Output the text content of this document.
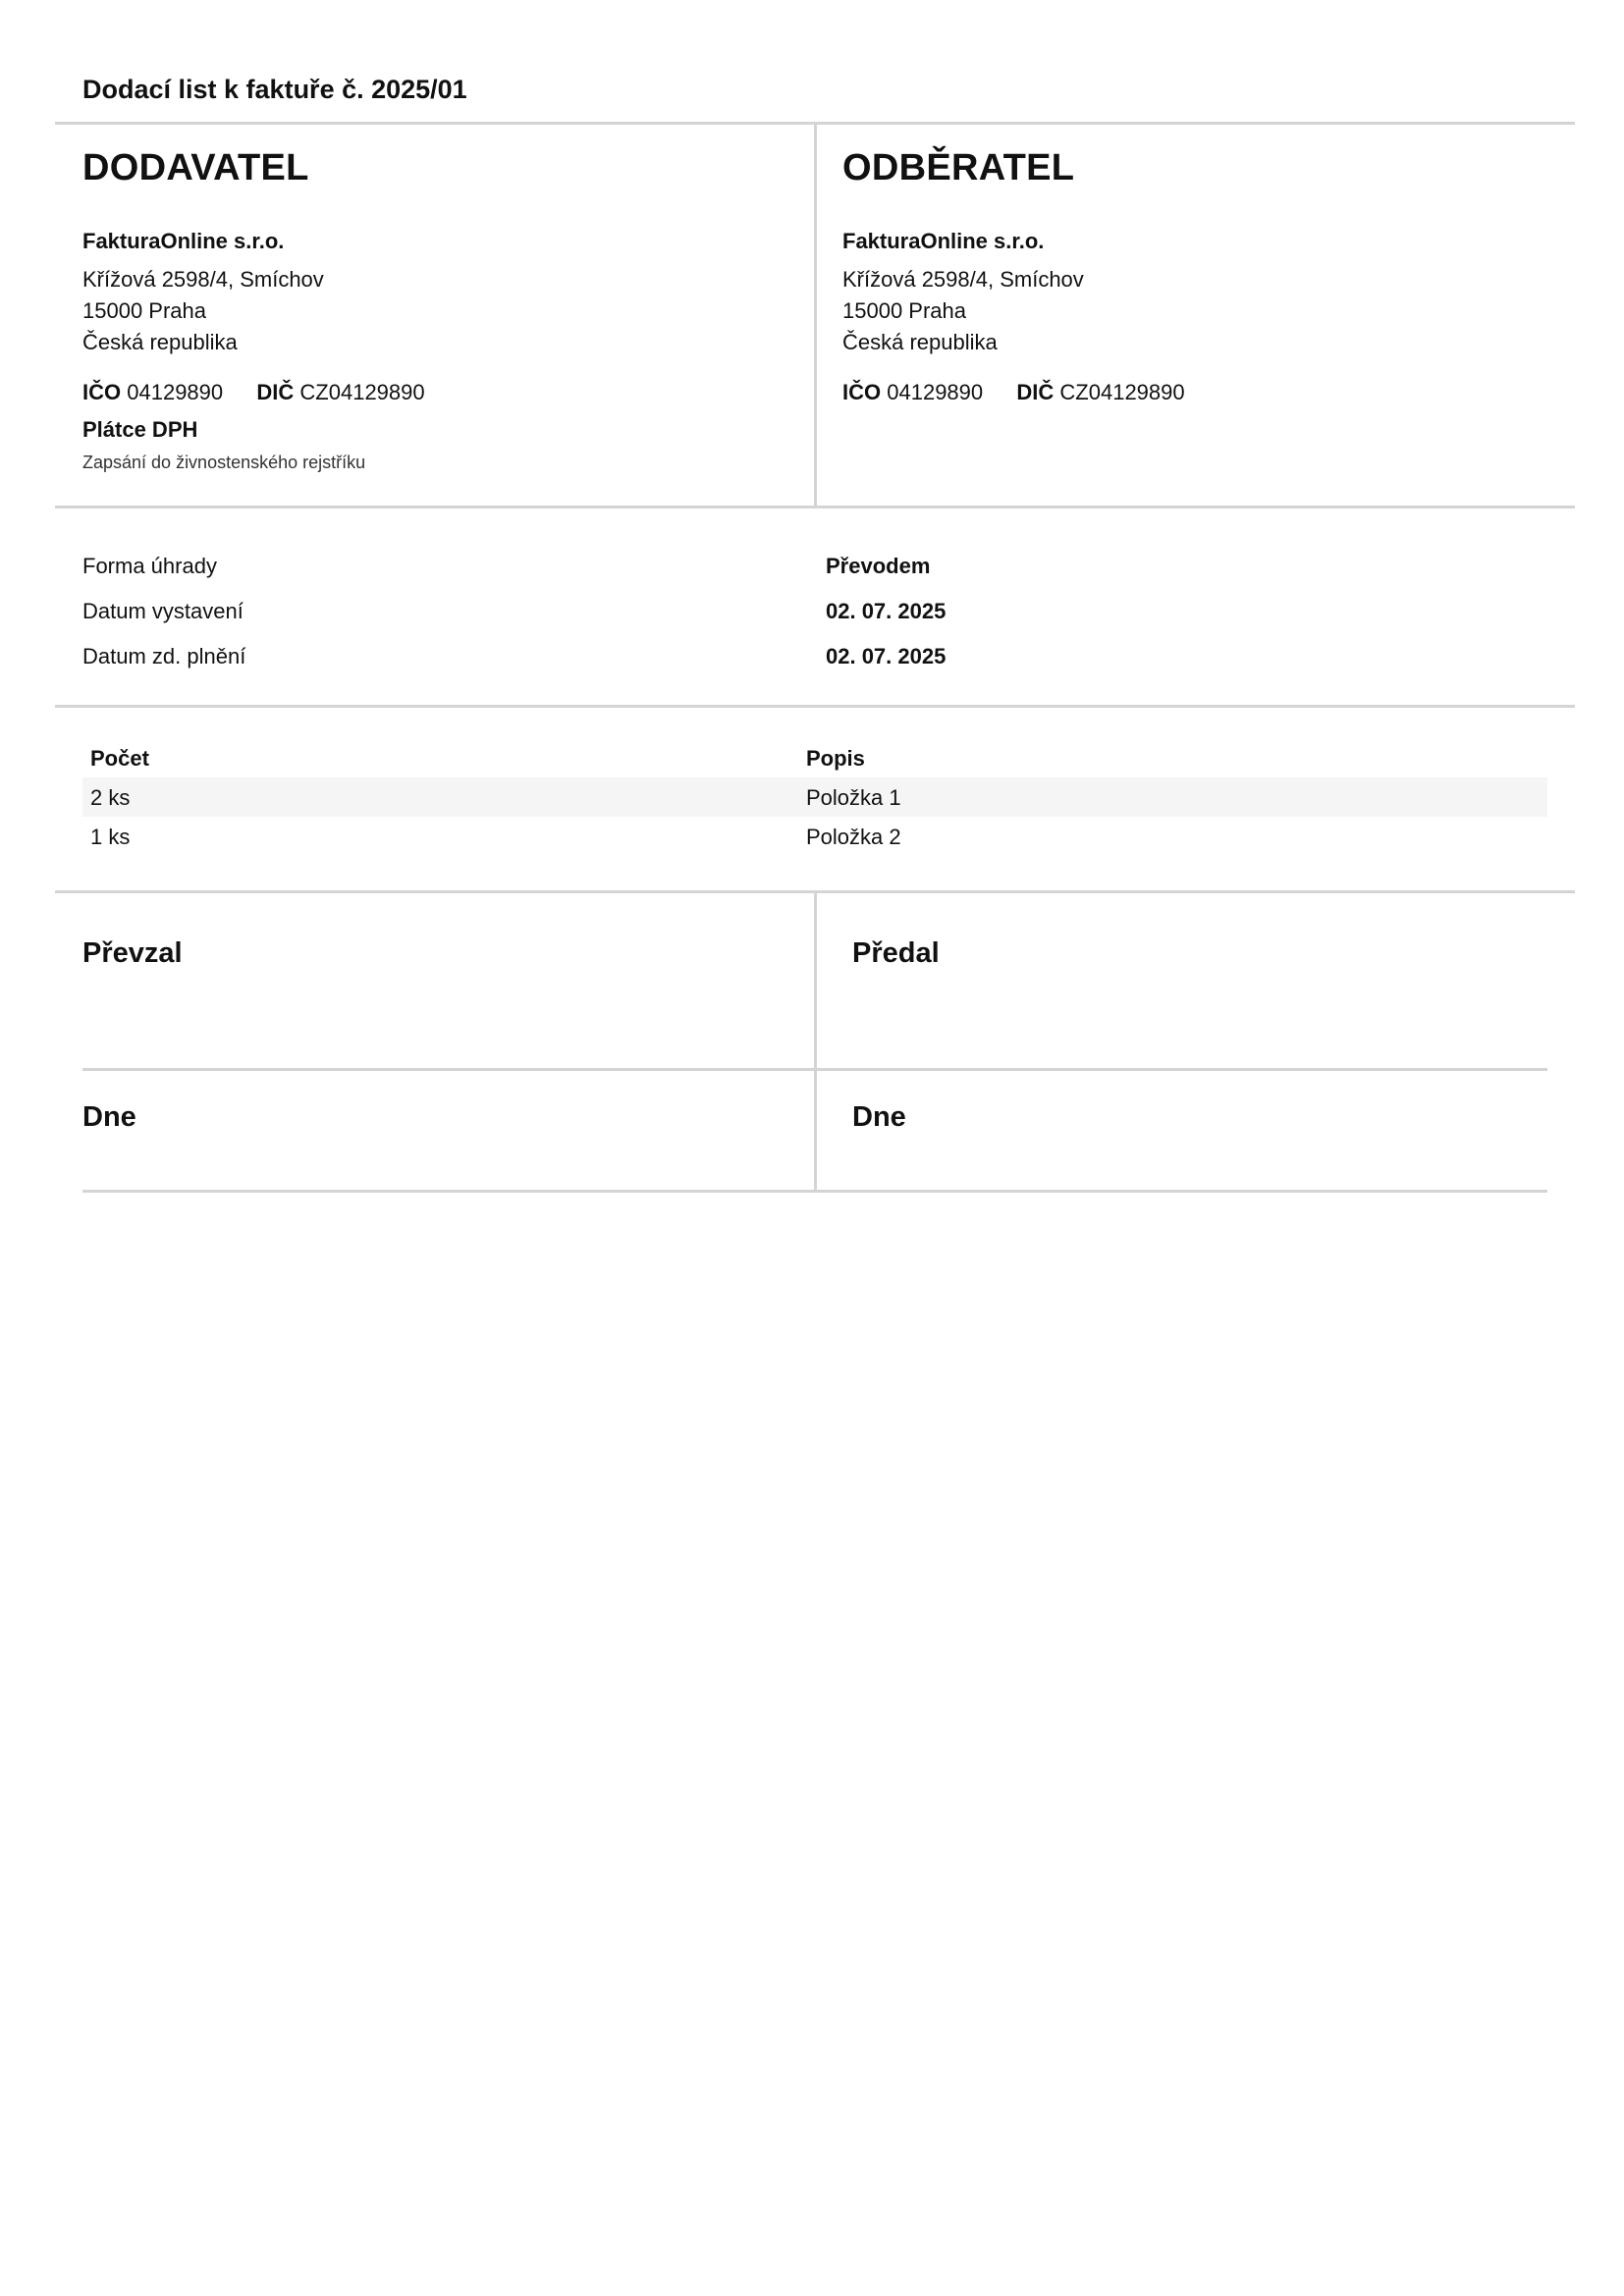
Dodací list k faktuře č. 2025/01
DODAVATEL
FakturaOnline s.r.o.
Křížová 2598/4, Smíchov
15000 Praha
Česká republika
IČO 04129890 DIČ CZ04129890
Plátce DPH
Zapsání do živnostenského rejstříku
ODBĚRATEL
FakturaOnline s.r.o.
Křížová 2598/4, Smíchov
15000 Praha
Česká republika
IČO 04129890 DIČ CZ04129890
Forma úhrady	Převodem
Datum vystavení	02. 07. 2025
Datum zd. plnění	02. 07. 2025
Počet	Popis
2 ks	Položka 1
1 ks	Položka 2
Převzal	Předal
Dne	Dne
